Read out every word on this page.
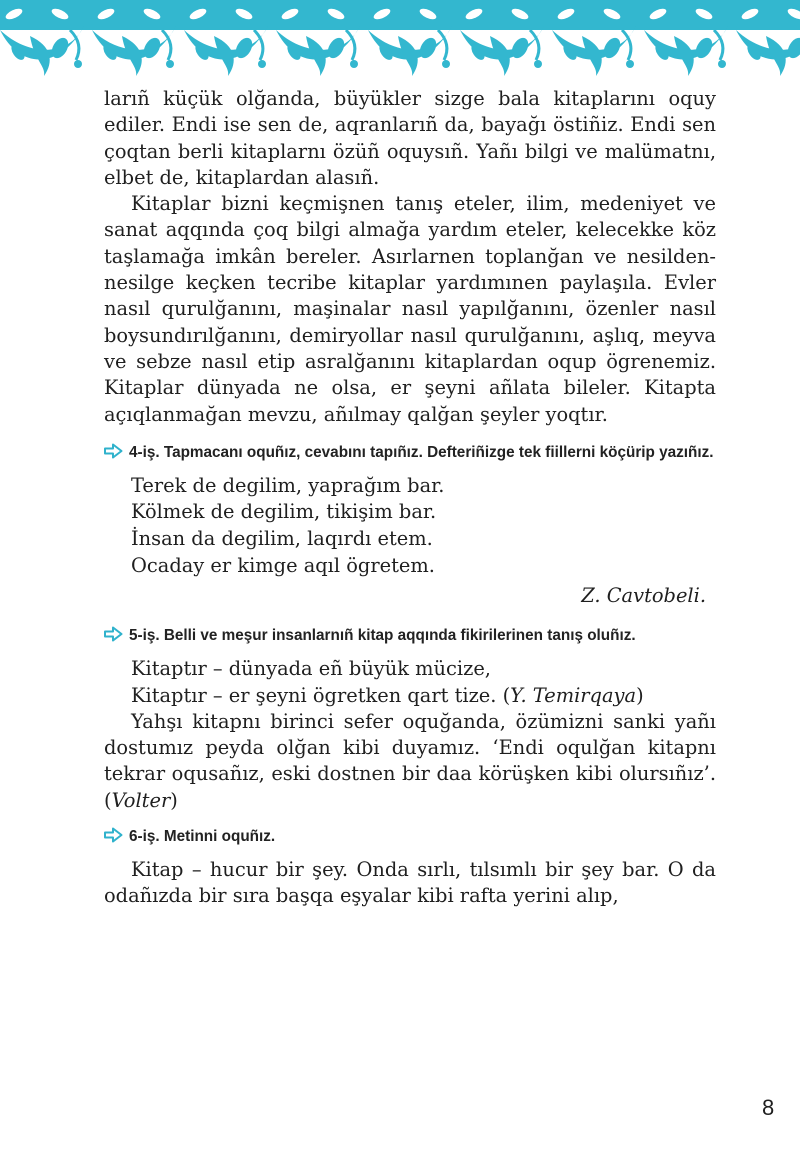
larıñ küçük olğanda, büyükler sizge bala kitaplarını oquy ediler. Endi ise sen de, aqranlarıñ da, bayağı östiñiz. Endi sen çoqtan berli kitaplarnı özüñ oquysıñ. Yañı bilgi ve malümatnı, elbet de, kitaplardan alasıñ.

Kitaplar bizni keçmişnen tanış eteler, ilim, medeniyet ve sanat aqqında çoq bilgi almağa yardım eteler, kelecekke köz taşlamağa imkân bereler. Asırlarnen toplanğan ve nesilden-nesilge keçken tecribe kitaplar yardımınen paylaşıla. Evler nasıl qurulğanını, maşinalar nasıl yapılğanını, özenler nasıl boysundırılğanını, demiryollar nasıl qurulğanını, aşlıq, meyva ve sebze nasıl etip asralğanını kitaplardan oqup ögrenemiz. Kitaplar dünyada ne olsa, er şeyni añlata bileler. Kitapta açıqlanmağan mevzu, añılmay qalğan şeyler yoqtır.

4-iş. Tapmacanı oquñız, cevabını tapıñız. Defteriñizge tek fiillerni köçürip yazıñız.
Terek de degilim, yaprağım bar.
Kölmek de degilim, tikişim bar.
İnsan da degilim, laqırdı etem.
Ocaday er kimge aqıl ögretem.
Z. Cavtobeli.
5-iş. Belli ve meşur insanlarnıñ kitap aqqında fikirilerinen tanış oluñız.
Kitaptır – dünyada eñ büyük mücize,
Kitaptır – er şeyni ögretken qart tize. (Y. Temirqaya)

Yahşı kitapnı birinci sefer oquğanda, özümizni sanki yañı dostumız peyda olğan kibi duyamız. ‘Endi oqulğan kitapnı tekrar oqusañız, eski dostnen bir daa körüşken kibi olursıñız’. (Volter)

6-iş. Metinni oquñız.

Kitap – hucur bir şey. Onda sırlı, tılsımlı bir şey bar. O da odañızda bir sıra başqa eşyalar kibi rafta yerini alıp,

8
